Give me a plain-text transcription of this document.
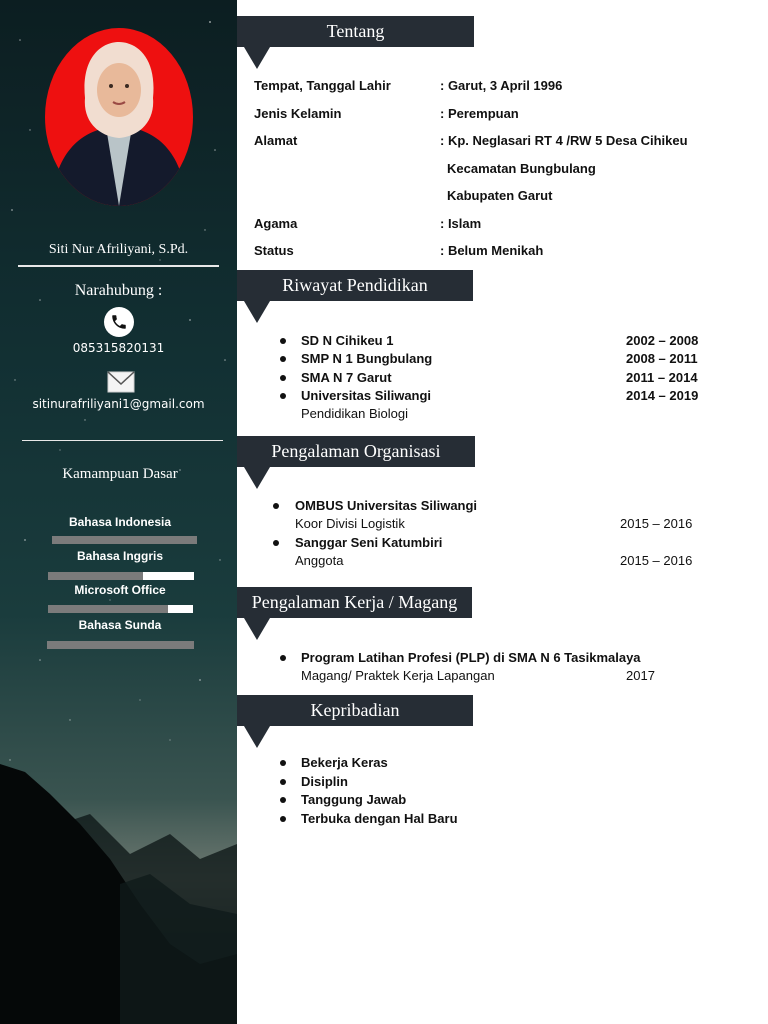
Siti Nur Afriliyani, S.Pd.
Narahubung :
085315820131
sitinurafriliyani1@gmail.com
Kamampuan Dasar
Bahasa Indonesia
Bahasa Inggris
Microsoft Office
Bahasa Sunda
Tentang
Tempat, Tanggal Lahir	: Garut, 3 April 1996
Jenis Kelamin	: Perempuan
Alamat	: Kp. Neglasari RT 4 /RW 5 Desa Cihikeu
Kecamatan Bungbulang
Kabupaten Garut
Agama	: Islam
Status	: Belum Menikah
Riwayat Pendidikan
SD N Cihikeu 1	2002 – 2008
SMP N 1 Bungbulang	2008 – 2011
SMA N 7 Garut	2011 – 2014
Universitas Siliwangi	2014 – 2019
Pendidikan Biologi
Pengalaman Organisasi
OMBUS Universitas Siliwangi
Koor Divisi Logistik	2015 – 2016
Sanggar Seni Katumbiri
Anggota	2015 – 2016
Pengalaman Kerja / Magang
Program Latihan Profesi (PLP) di SMA N 6 Tasikmalaya
Magang/ Praktek Kerja Lapangan	2017
Kepribadian
Bekerja Keras
Disiplin
Tanggung Jawab
Terbuka dengan Hal Baru
